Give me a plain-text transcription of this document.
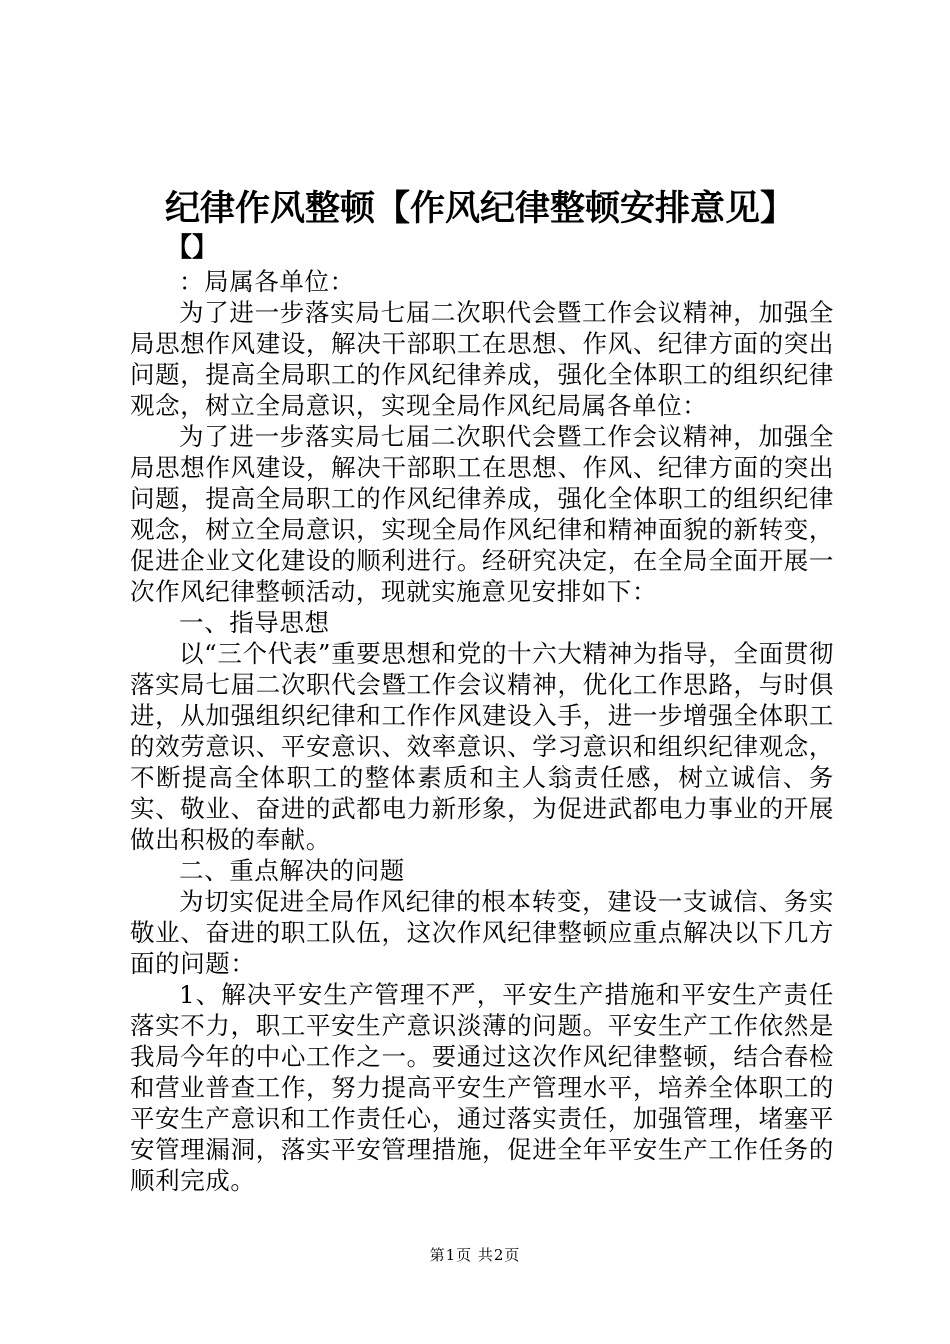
纪律作风整顿【作风纪律整顿安排意见】
【】

：局属各单位：

为了进一步落实局七届二次职代会暨工作会议精神，加强全局思想作风建设，解决干部职工在思想、作风、纪律方面的突出问题，提高全局职工的作风纪律养成，强化全体职工的组织纪律观念，树立全局意识，实现全局作风纪局属各单位：

为了进一步落实局七届二次职代会暨工作会议精神，加强全局思想作风建设，解决干部职工在思想、作风、纪律方面的突出问题，提高全局职工的作风纪律养成，强化全体职工的组织纪律观念，树立全局意识，实现全局作风纪律和精神面貌的新转变，促进企业文化建设的顺利进行。经研究决定，在全局全面开展一次作风纪律整顿活动，现就实施意见安排如下：

一、指导思想

以“三个代表”重要思想和党的十六大精神为指导，全面贯彻落实局七届二次职代会暨工作会议精神，优化工作思路，与时俱进，从加强组织纪律和工作作风建设入手，进一步增强全体职工的效劳意识、平安意识、效率意识、学习意识和组织纪律观念，不断提高全体职工的整体素质和主人翁责任感，树立诚信、务实、敬业、奋进的武都电力新形象，为促进武都电力事业的开展做出积极的奉献。

二、重点解决的问题

为切实促进全局作风纪律的根本转变，建设一支诚信、务实敬业、奋进的职工队伍，这次作风纪律整顿应重点解决以下几方面的问题：

1、解决平安生产管理不严，平安生产措施和平安生产责任落实不力，职工平安生产意识淡薄的问题。平安生产工作依然是我局今年的中心工作之一。要通过这次作风纪律整顿，结合春检和营业普查工作，努力提高平安生产管理水平，培养全体职工的平安生产意识和工作责任心，通过落实责任，加强管理，堵塞平安管理漏洞，落实平安管理措施，促进全年平安生产工作任务的顺利完成。

第1页 共2页
